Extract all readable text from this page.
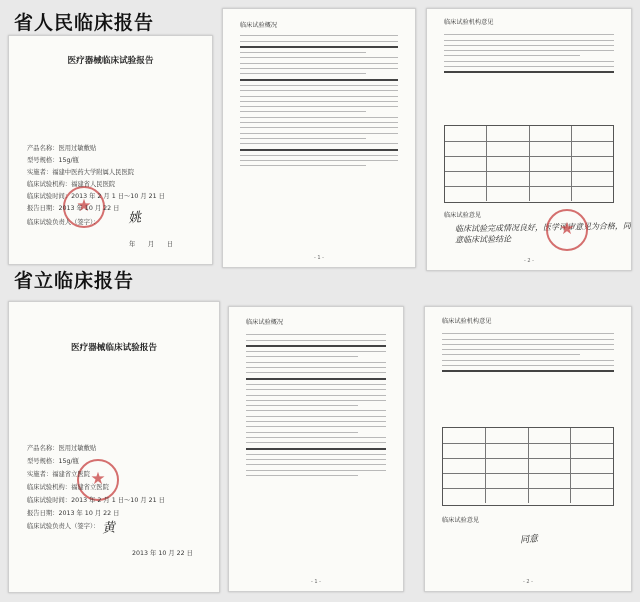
省人民临床报告
医疗器械临床试验报告
★
产品名称：医用过敏敷贴
型号规格：15g/瓶
实施者：福建中医药大学附属人民医院
临床试验机构：福建省人民医院
临床试验时间：2013 年 2 月 1 日～10 月 21 日
报告日期：2013 年 10 月 22 日
临床试验负责人（签字）： 姚
年　　月　　日
临床试验概况
- 1 -
临床试验机构意见
临床试验意见
临床试验完成情况良好，医学评审意见为合格，同意临床试验结论
★
- 2 -
省立临床报告
医疗器械临床试验报告
★
产品名称：医用过敏敷贴
型号规格：15g/瓶
实施者：福建省立医院
临床试验机构：福建省立医院
临床试验时间：2013 年 2 月 1 日～10 月 21 日
报告日期：2013 年 10 月 22 日
临床试验负责人（签字）： 黄
2013 年 10 月 22 日
临床试验概况
- 1 -
临床试验机构意见
临床试验意见
同意
- 2 -
